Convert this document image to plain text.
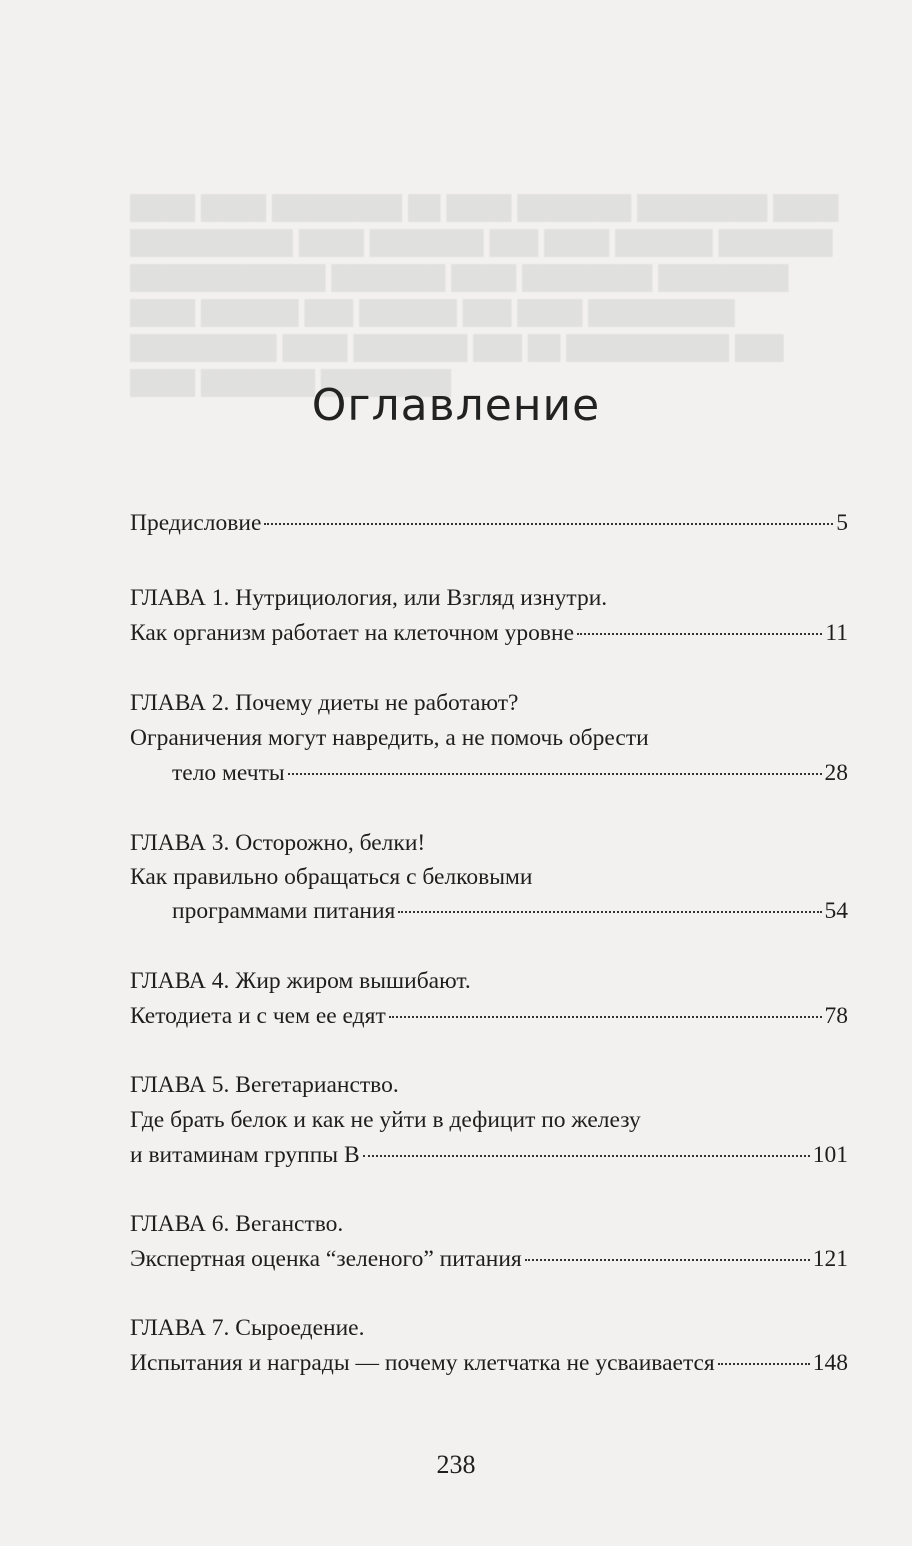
████ ████ ████████ ██ ████ ███████ ████████ ████ ██████████ ████ ███████ ███ ████ ██████ ███████ ████████████ ███████ ████ ████████ ████████ ████ ██████ ███ ██████ ███ ████ █████████ █████████ ████ ███████ ███ ██ ██████████ ███ ████ ███████ ████████
Оглавление
Предисловие	5
ГЛАВА 1. Нутрициология, или Взгляд изнутри.
Как организм работает на клеточном уровне	11
ГЛАВА 2. Почему диеты не работают?
Ограничения могут навредить, а не помочь обрести
тело мечты	28
ГЛАВА 3. Осторожно, белки!
Как правильно обращаться с белковыми
программами питания	54
ГЛАВА 4. Жир жиром вышибают.
Кетодиета и с чем ее едят	78
ГЛАВА 5. Вегетарианство.
Где брать белок и как не уйти в дефицит по железу
и витаминам группы В	101
ГЛАВА 6. Веганство.
Экспертная оценка “зеленого” питания	121
ГЛАВА 7. Сыроедение.
Испытания и награды — почему клетчатка не усваивается	148
238
